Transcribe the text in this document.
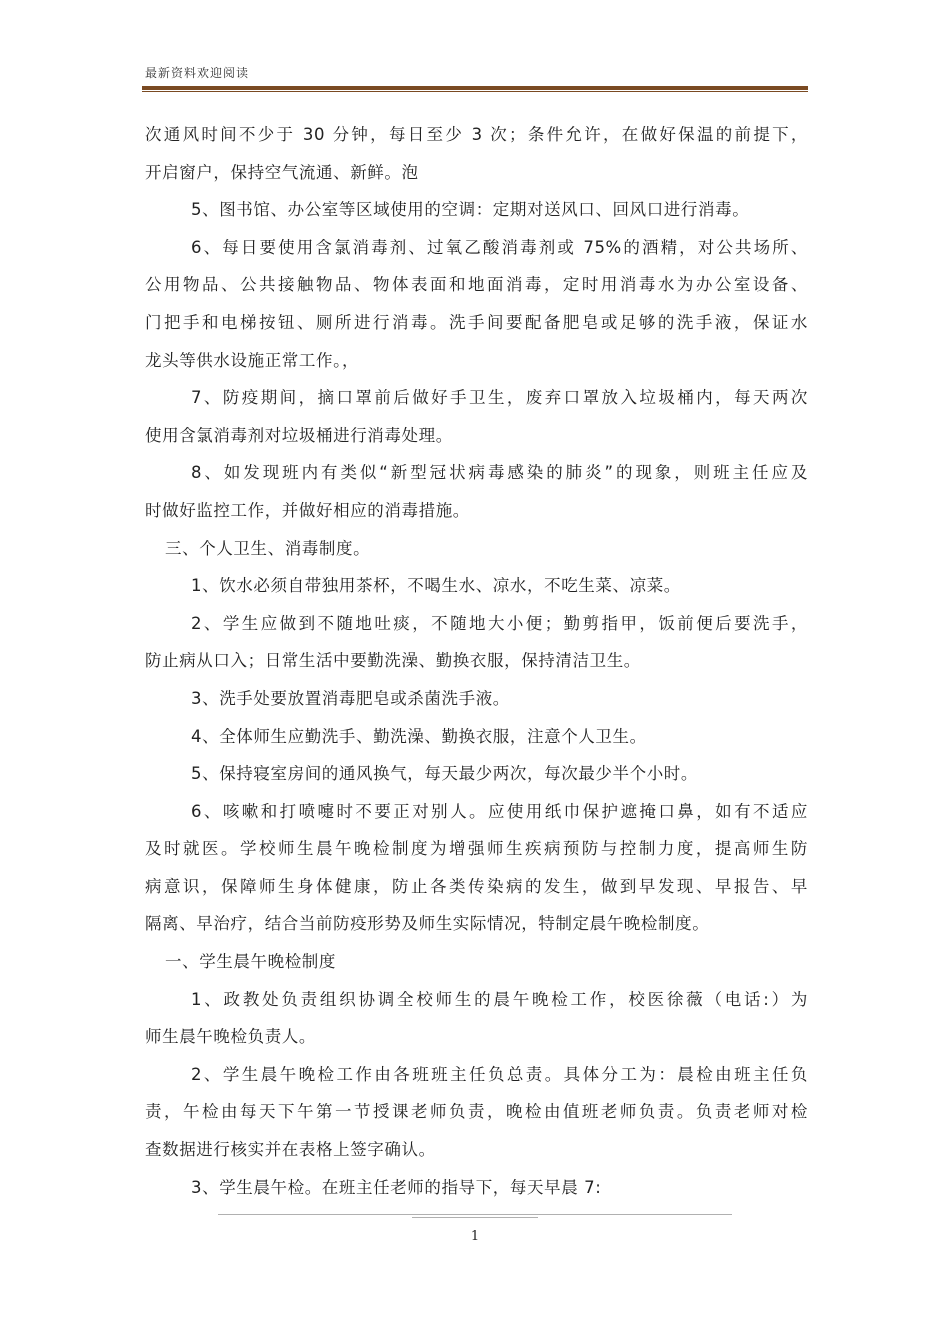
最新资料欢迎阅读
次通风时间不少于 30 分钟，每日至少 3 次；条件允许，在做好保温的前提下，
开启窗户，保持空气流通、新鲜。泡
5、图书馆、办公室等区域使用的空调：定期对送风口、回风口进行消毒。
6、每日要使用含氯消毒剂、过氧乙酸消毒剂或 75%的酒精，对公共场所、
公用物品、公共接触物品、物体表面和地面消毒，定时用消毒水为办公室设备、
门把手和电梯按钮、厕所进行消毒。洗手间要配备肥皂或足够的洗手液，保证水
龙头等供水设施正常工作。，
7、防疫期间，摘口罩前后做好手卫生，废弃口罩放入垃圾桶内，每天两次
使用含氯消毒剂对垃圾桶进行消毒处理。
8、如发现班内有类似“新型冠状病毒感染的肺炎”的现象，则班主任应及
时做好监控工作，并做好相应的消毒措施。
三、个人卫生、消毒制度。
1、饮水必须自带独用茶杯，不喝生水、凉水，不吃生菜、凉菜。
2、学生应做到不随地吐痰，不随地大小便；勤剪指甲，饭前便后要洗手，
防止病从口入；日常生活中要勤洗澡、勤换衣服，保持清洁卫生。
3、洗手处要放置消毒肥皂或杀菌洗手液。
4、全体师生应勤洗手、勤洗澡、勤换衣服，注意个人卫生。
5、保持寝室房间的通风换气，每天最少两次，每次最少半个小时。
6、咳嗽和打喷嚏时不要正对别人。应使用纸巾保护遮掩口鼻，如有不适应
及时就医。学校师生晨午晚检制度为增强师生疾病预防与控制力度，提高师生防
病意识，保障师生身体健康，防止各类传染病的发生，做到早发现、早报告、早
隔离、早治疗，结合当前防疫形势及师生实际情况，特制定晨午晚检制度。
一、学生晨午晚检制度
1、政教处负责组织协调全校师生的晨午晚检工作，校医徐薇（电话:）为
师生晨午晚检负责人。
2、学生晨午晚检工作由各班班主任负总责。具体分工为：晨检由班主任负
责，午检由每天下午第一节授课老师负责，晚检由值班老师负责。负责老师对检
查数据进行核实并在表格上签字确认。
3、学生晨午检。在班主任老师的指导下，每天早晨 7:
1
